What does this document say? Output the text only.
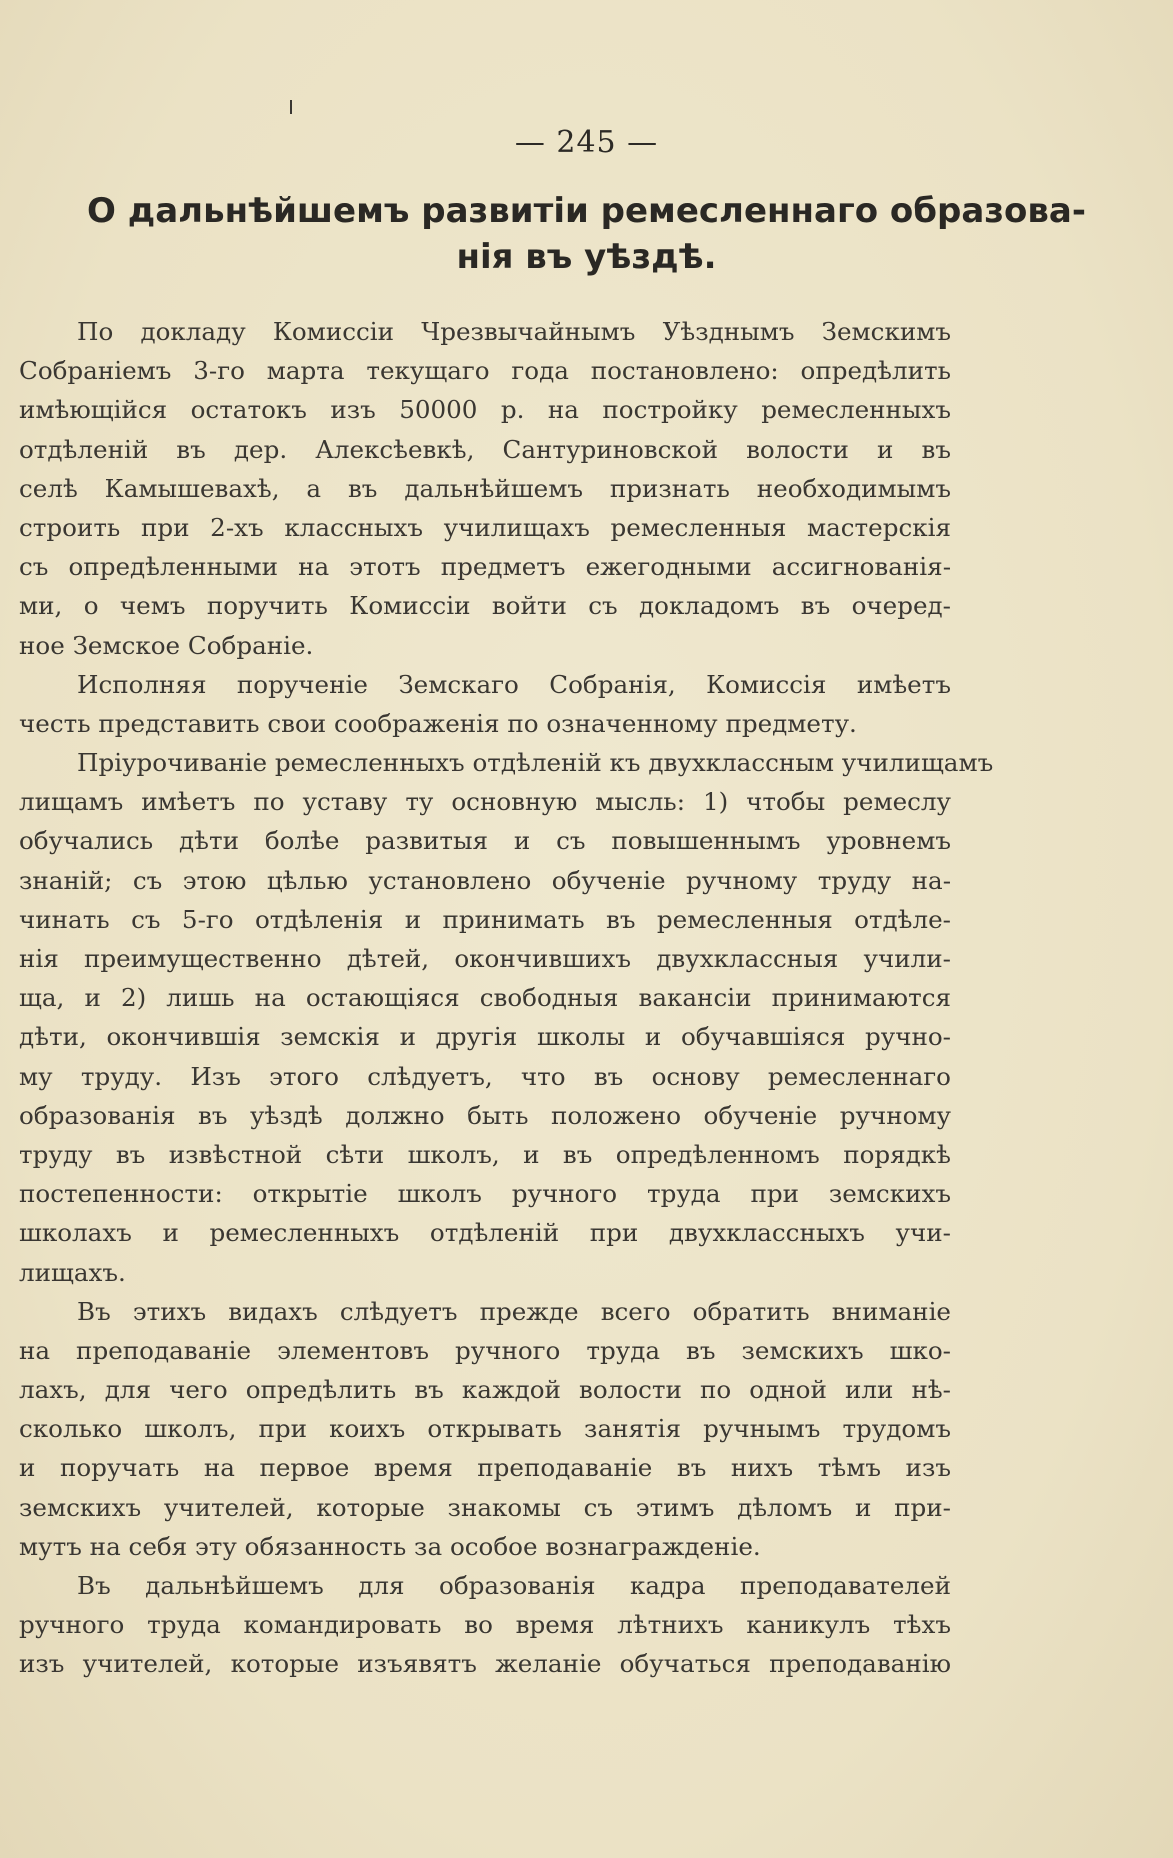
— 245 —
О дальнѣйшемъ развитіи ремесленнаго образова-
нія въ уѣздѣ.
По докладу Комиссіи Чрезвычайнымъ Уѣзднымъ Земскимъ
Собраніемъ 3-го марта текущаго года постановлено: опредѣлить
имѣющійся остатокъ изъ 50000 р. на постройку ремесленныхъ
отдѣленій въ дер. Алексѣевкѣ, Сантуриновской волости и въ
селѣ Камышевахѣ, а въ дальнѣйшемъ признать необходимымъ
строить при 2-хъ классныхъ училищахъ ремесленныя мастерскія
съ опредѣленными на этотъ предметъ ежегодными ассигнованія-
ми, о чемъ поручить Комиссіи войти съ докладомъ въ очеред-
ное Земское Собраніе.
Исполняя порученіе Земскаго Собранія, Комиссія имѣетъ
честь представить свои соображенія по означенному предмету.
Пріурочиваніе ремесленныхъ отдѣленій къ двухклассным училищамъ
лищамъ имѣетъ по уставу ту основную мысль: 1) чтобы ремеслу
обучались дѣти болѣе развитыя и съ повышеннымъ уровнемъ
знаній; съ этою цѣлью установлено обученіе ручному труду на-
чинать съ 5-го отдѣленія и принимать въ ремесленныя отдѣле-
нія преимущественно дѣтей, окончившихъ двухклассныя учили-
ща, и 2) лишь на остающіяся свободныя вакансіи принимаются
дѣти, окончившія земскія и другія школы и обучавшіяся ручно-
му труду. Изъ этого слѣдуетъ, что въ основу ремесленнаго
образованія въ уѣздѣ должно быть положено обученіе ручному
труду въ извѣстной сѣти школъ, и въ опредѣленномъ порядкѣ
постепенности: открытіе школъ ручного труда при земскихъ
школахъ и ремесленныхъ отдѣленій при двухклассныхъ учи-
лищахъ.
Въ этихъ видахъ слѣдуетъ прежде всего обратить вниманіе
на преподаваніе элементовъ ручного труда въ земскихъ шко-
лахъ, для чего опредѣлить въ каждой волости по одной или нѣ-
сколько школъ, при коихъ открывать занятія ручнымъ трудомъ
и поручать на первое время преподаваніе въ нихъ тѣмъ изъ
земскихъ учителей, которые знакомы съ этимъ дѣломъ и при-
мутъ на себя эту обязанность за особое вознагражденіе.
Въ дальнѣйшемъ для образованія кадра преподавателей
ручного труда командировать во время лѣтнихъ каникулъ тѣхъ
изъ учителей, которые изъявятъ желаніе обучаться преподаванію
